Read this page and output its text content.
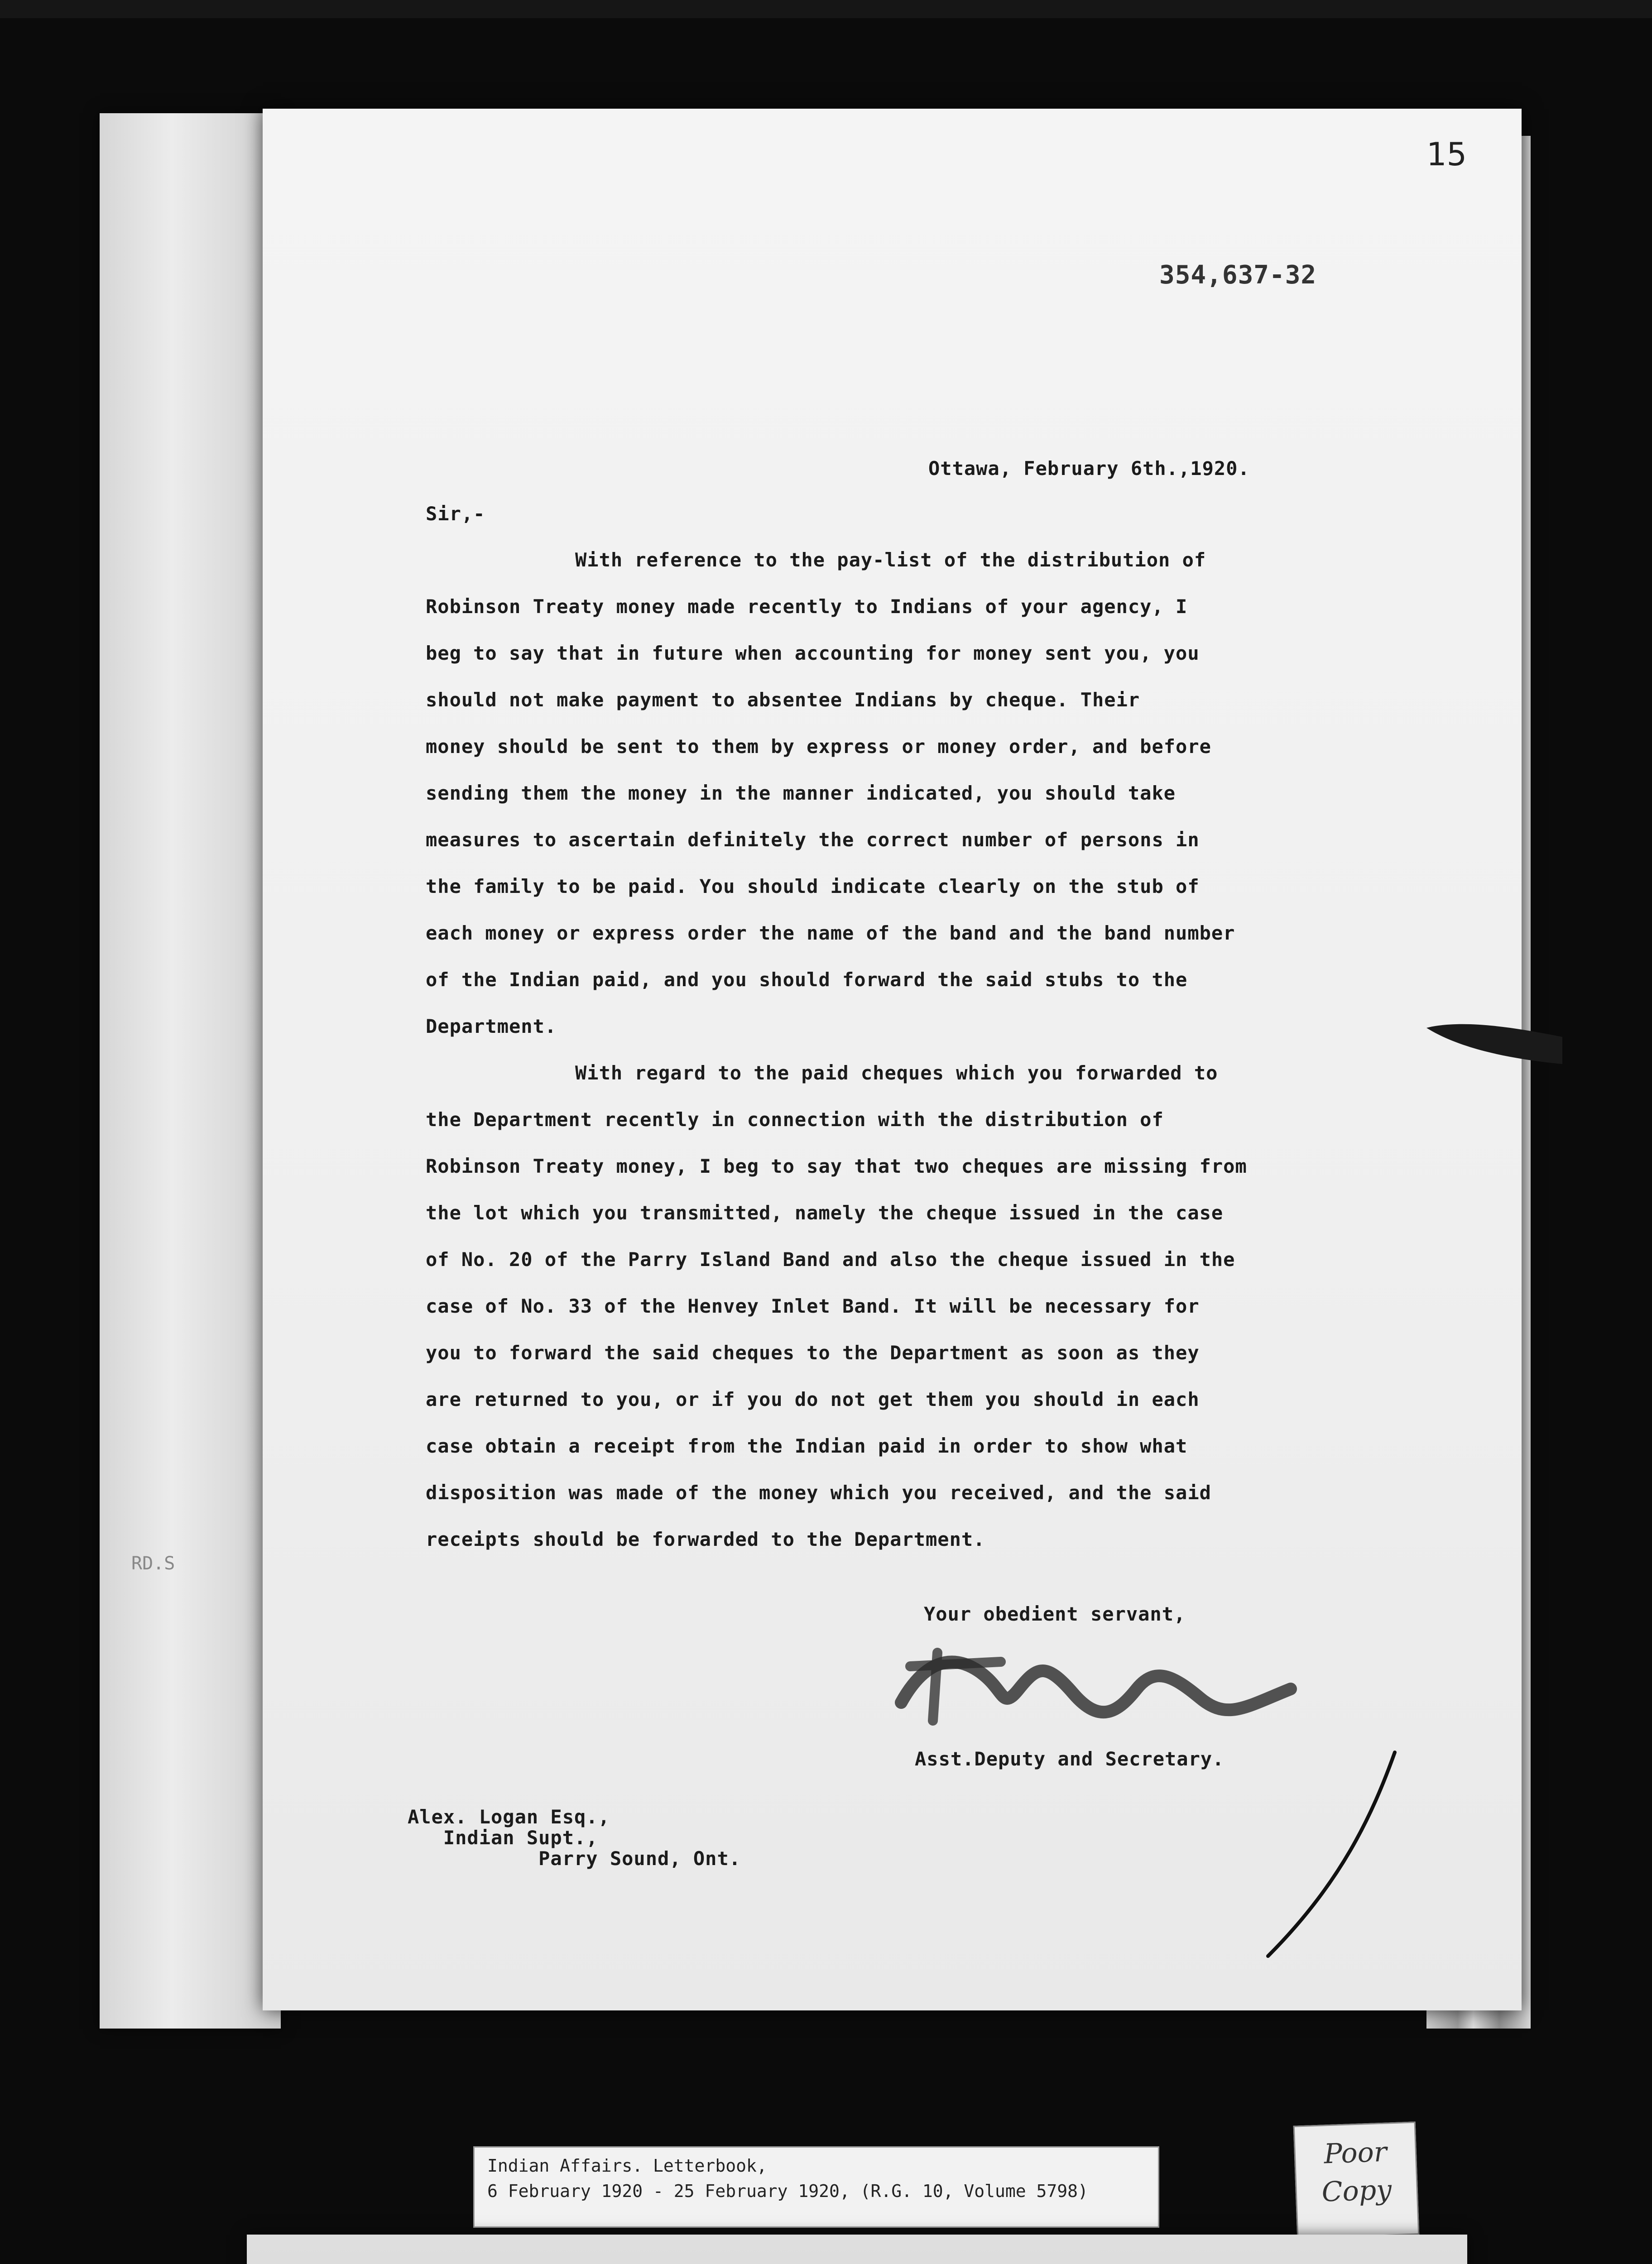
RD.S
15
354,637-32
Ottawa, February 6th.,1920.
Sir,-
With reference to the pay-list of the distribution of
Robinson Treaty money made recently to Indians of your agency, I
beg to say that in future when accounting for money sent you, you
should not make payment to absentee Indians by cheque. Their
money should be sent to them by express or money order, and before
sending them the money in the manner indicated, you should take
measures to ascertain definitely the correct number of persons in
the family to be paid. You should indicate clearly on the stub of
each money or express order the name of the band and the band number
of the Indian paid, and you should forward the said stubs to the
Department.
With regard to the paid cheques which you forwarded to
the Department recently in connection with the distribution of
Robinson Treaty money, I beg to say that two cheques are missing from
the lot which you transmitted, namely the cheque issued in the case
of No. 20 of the Parry Island Band and also the cheque issued in the
case of No. 33 of the Henvey Inlet Band. It will be necessary for
you to forward the said cheques to the Department as soon as they
are returned to you, or if you do not get them you should in each
case obtain a receipt from the Indian paid in order to show what
disposition was made of the money which you received, and the said
receipts should be forwarded to the Department.
Your obedient servant,
Asst.Deputy and Secretary.
Alex. Logan Esq.,
Indian Supt.,
Parry Sound, Ont.
Indian Affairs. Letterbook,
6 February 1920 - 25 February 1920, (R.G. 10, Volume 5798)
Poor
Copy
